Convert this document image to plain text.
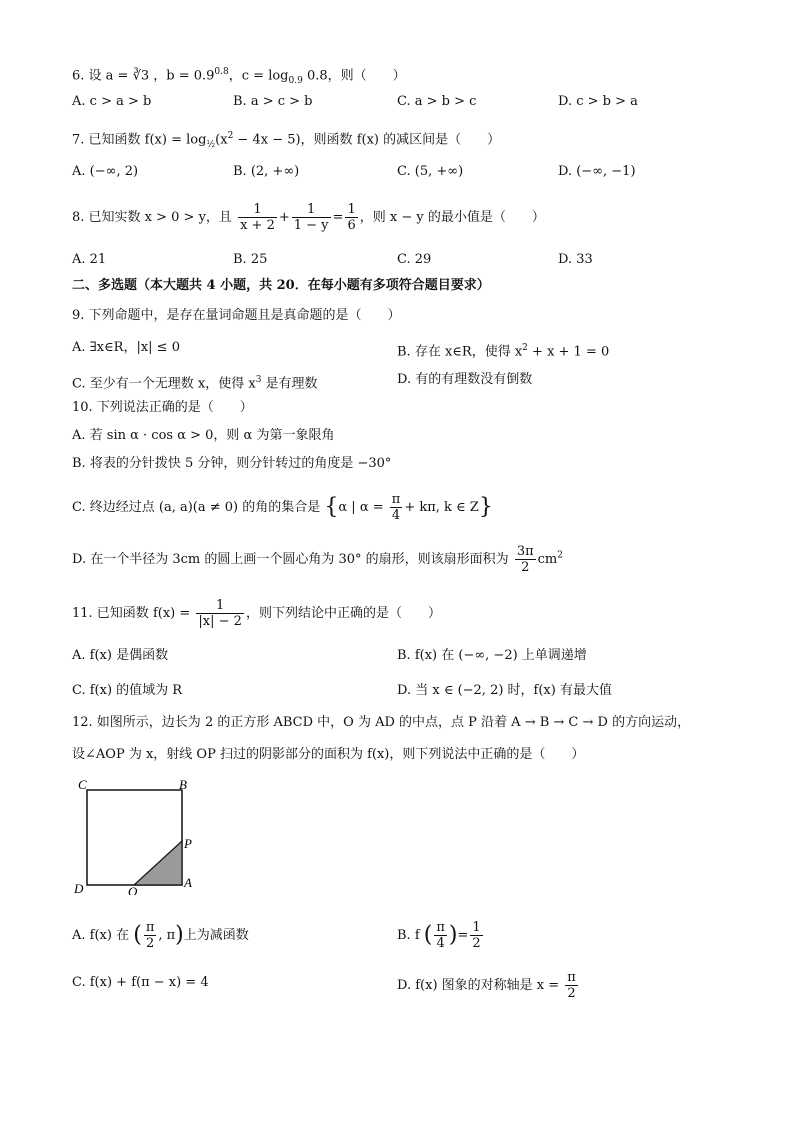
6. 设 a = ∛3 ，$b = 0.9^{0.8}$，$c = \log_{0.9} 0.8$，则（　　）
A. c > a > b	B. a > c > b	C. a > b > c	D. c > b > a
7. 已知函数 $f(x) = \log_{\frac{1}{2}}(x^2 - 4x - 5)$，则函数 f(x) 的减区间是（　　）
A. (−∞, 2)	B. (2, +∞)	C. (5, +∞)	D. (−∞, −1)
8. 已知实数 x > 0 > y，且 $\frac{1}{x + 2} + \frac{1}{1 - y} = \frac{1}{6}$ ，则 x − y 的最小值是（　　）
A. 21	B. 25	C. 29	D. 33
二、多选题（本大题共 4 小题，共 20．在每小题有多项符合题目要求）
9. 下列命题中，是存在量词命题且是真命题的是（　　）
A. ∃x∈R，|x| ≤ 0	B. 存在 x∈R，使得 $x^2 + x + 1 = 0$
C. 至少有一个无理数 x，使得 $x^3$ 是有理数	D. 有的有理数没有倒数
10. 下列说法正确的是（　　）
A. 若 sin α · cos α > 0，则 α 为第一象限角
B. 将表的分针拨快 5 分钟，则分针转过的角度是 −30°
C. 终边经过点 (a, a)(a ≠ 0) 的角的集合是 {α | $\alpha = \frac{\pi}{4} + k\pi$, k ∈ Z}
D. 在一个半径为 3cm 的圆上画一个圆心角为 30° 的扇形，则该扇形面积为 $\frac{3\pi}{2} cm^2$
11. 已知函数 $f(x) = \frac{1}{|x| - 2}$ ，则下列结论中正确的是（　　）
A. f(x) 是偶函数	B. f(x) 在 (−∞, −2) 上单调递增
C. f(x) 的值域为 R	D. 当 x ∈ (−2, 2) 时，f(x) 有最大值
12. 如图所示，边长为 2 的正方形 ABCD 中，O 为 AD 的中点，点 P 沿着 A → B → C → D 的方向运动，
设∠AOP 为 x，射线 OP 扫过的阴影部分的面积为 f(x)，则下列说法中正确的是（　　）
C	B
P
D	O
A
A. f(x) 在 ( $\frac{\pi}{2}$ , π)上为减函数	B. f ( $\frac{\pi}{4}$ )= $\frac{1}{2}$
C. f(x) + f(π − x) = 4	D. f(x) 图象的对称轴是 $x = \frac{\pi}{2}$
